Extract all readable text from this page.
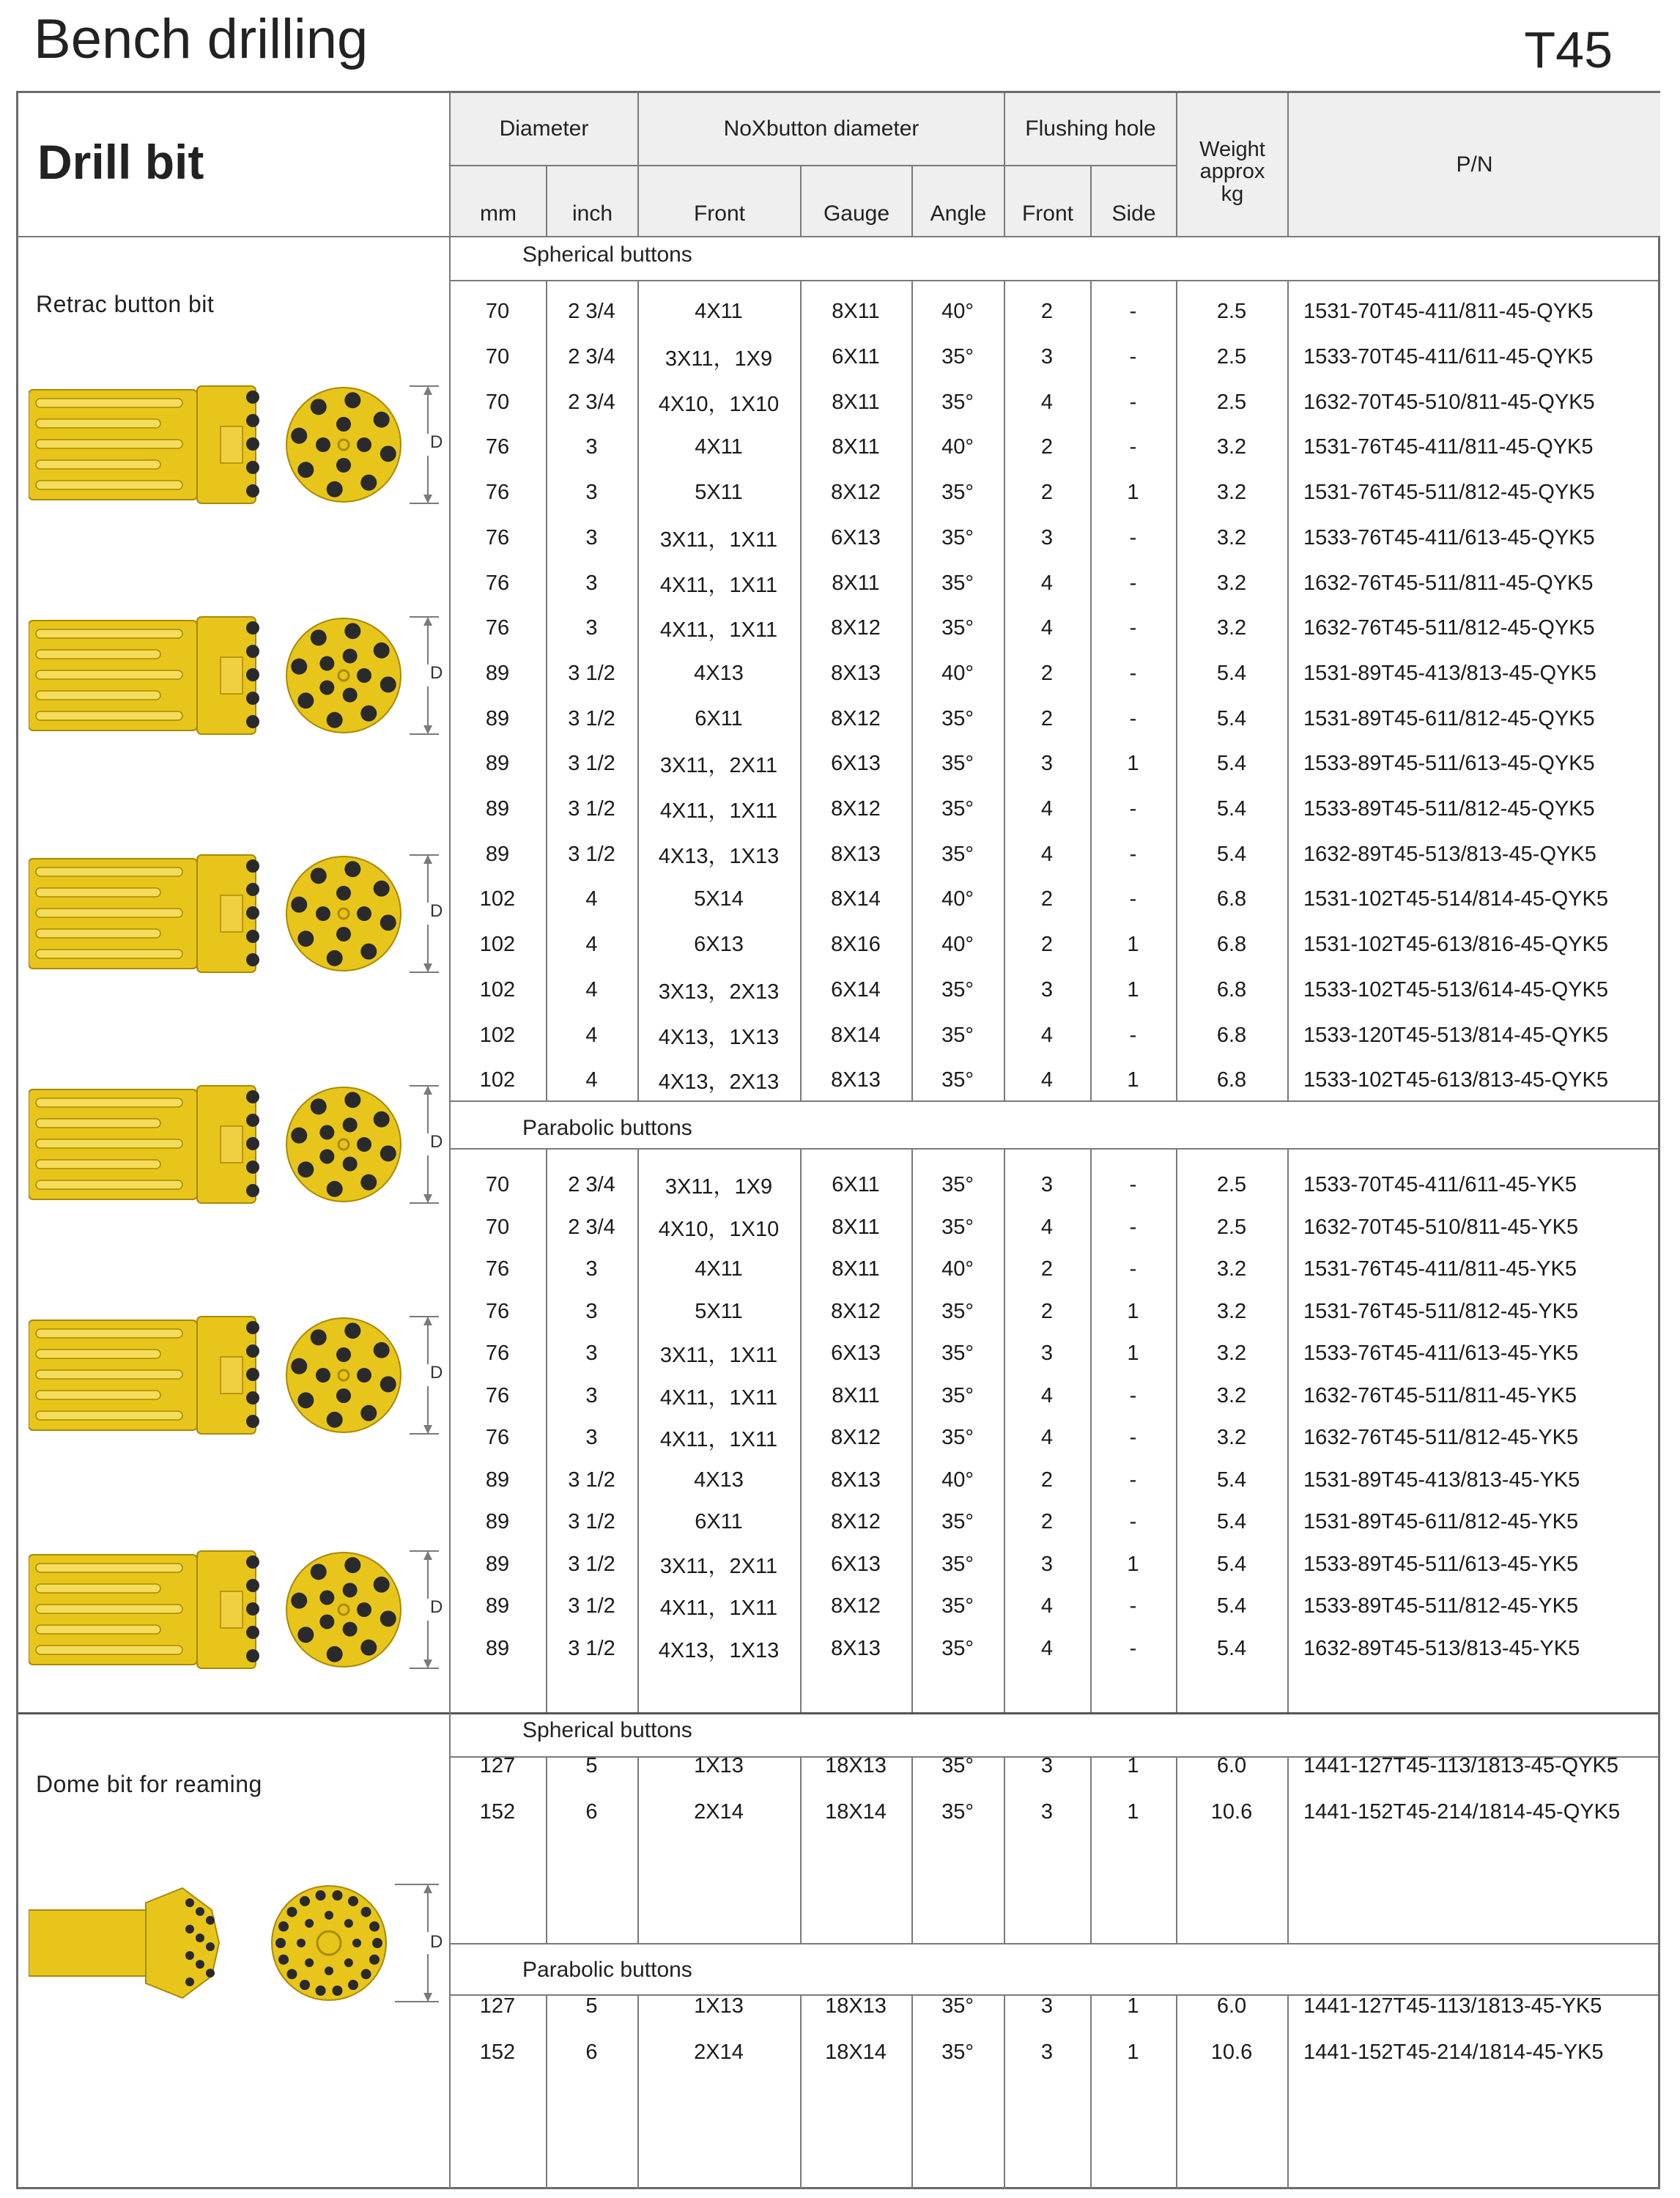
Bench drilling	T45
Drill bit
Diameter
mm	inch
NoXbutton diameter
Front	Gauge	Angle
Flushing hole
Front	Side
Weight
approx
kg
P/N
70	2 3/4	4X11	8X11	40°	2	-	2.5	1531-70T45-411/811-45-QYK5
70	2 3/4	3X11，1X9	6X11	35°	3	-	2.5	1533-70T45-411/611-45-QYK5
70	2 3/4	4X10，1X10	8X11	35°	4	-	2.5	1632-70T45-510/811-45-QYK5
76	3	4X11	8X11	40°	2	-	3.2	1531-76T45-411/811-45-QYK5
76	3	5X11	8X12	35°	2	1	3.2	1531-76T45-511/812-45-QYK5
76	3	3X11，1X11	6X13	35°	3	-	3.2	1533-76T45-411/613-45-QYK5
76	3	4X11，1X11	8X11	35°	4	-	3.2	1632-76T45-511/811-45-QYK5
76	3	4X11，1X11	8X12	35°	4	-	3.2	1632-76T45-511/812-45-QYK5
89	3 1/2	4X13	8X13	40°	2	-	5.4	1531-89T45-413/813-45-QYK5
89	3 1/2	6X11	8X12	35°	2	-	5.4	1531-89T45-611/812-45-QYK5
89	3 1/2	3X11，2X11	6X13	35°	3	1	5.4	1533-89T45-511/613-45-QYK5
89	3 1/2	4X11，1X11	8X12	35°	4	-	5.4	1533-89T45-511/812-45-QYK5
89	3 1/2	4X13，1X13	8X13	35°	4	-	5.4	1632-89T45-513/813-45-QYK5
102	4	5X14	8X14	40°	2	-	6.8	1531-102T45-514/814-45-QYK5
102	4	6X13	8X16	40°	2	1	6.8	1531-102T45-613/816-45-QYK5
102	4	3X13，2X13	6X14	35°	3	1	6.8	1533-102T45-513/614-45-QYK5
102	4	4X13，1X13	8X14	35°	4	-	6.8	1533-120T45-513/814-45-QYK5
102	4	4X13，2X13	8X13	35°	4	1	6.8	1533-102T45-613/813-45-QYK5
70	2 3/4	3X11，1X9	6X11	35°	3	-	2.5	1533-70T45-411/611-45-YK5
70	2 3/4	4X10，1X10	8X11	35°	4	-	2.5	1632-70T45-510/811-45-YK5
76	3	4X11	8X11	40°	2	-	3.2	1531-76T45-411/811-45-YK5
76	3	5X11	8X12	35°	2	1	3.2	1531-76T45-511/812-45-YK5
76	3	3X11，1X11	6X13	35°	3	1	3.2	1533-76T45-411/613-45-YK5
76	3	4X11，1X11	8X11	35°	4	-	3.2	1632-76T45-511/811-45-YK5
76	3	4X11，1X11	8X12	35°	4	-	3.2	1632-76T45-511/812-45-YK5
89	3 1/2	4X13	8X13	40°	2	-	5.4	1531-89T45-413/813-45-YK5
89	3 1/2	6X11	8X12	35°	2	-	5.4	1531-89T45-611/812-45-YK5
89	3 1/2	3X11，2X11	6X13	35°	3	1	5.4	1533-89T45-511/613-45-YK5
89	3 1/2	4X11，1X11	8X12	35°	4	-	5.4	1533-89T45-511/812-45-YK5
89	3 1/2	4X13，1X13	8X13	35°	4	-	5.4	1632-89T45-513/813-45-YK5
127	5	1X13	18X13	35°	3	1	6.0	1441-127T45-113/1813-45-QYK5
152	6	2X14	18X14	35°	3	1	10.6	1441-152T45-214/1814-45-QYK5
127	5	1X13	18X13	35°	3	1	6.0	1441-127T45-113/1813-45-YK5
152	6	2X14	18X14	35°	3	1	10.6	1441-152T45-214/1814-45-YK5
Retrac button bit
Dome bit for reaming
Spherical buttons
Parabolic buttons
Spherical buttons
Parabolic buttons
D
D
D
D
D
D
D
